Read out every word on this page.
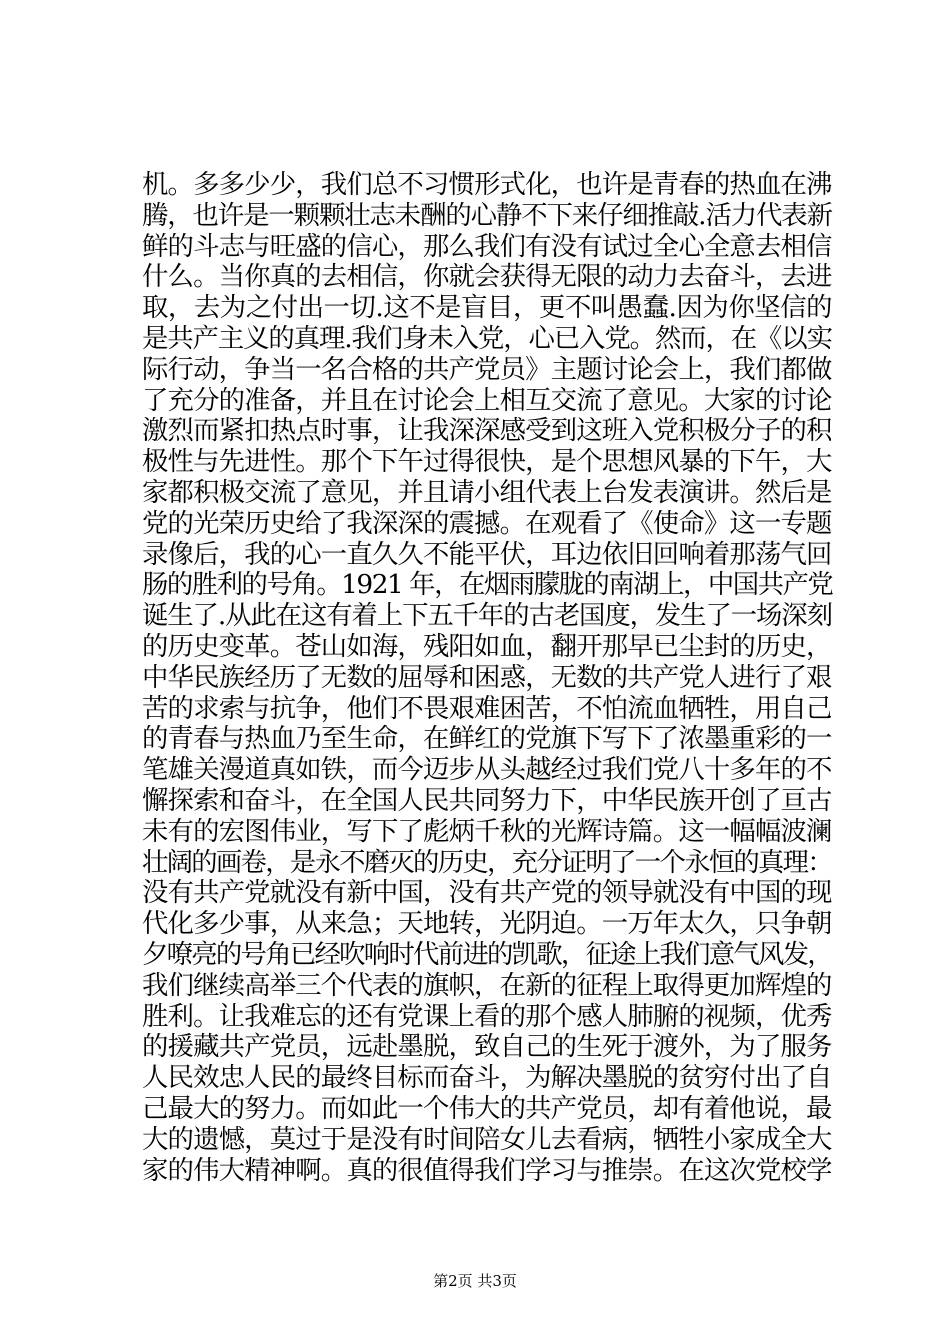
机。多多少少，我们总不习惯形式化，也许是青春的热血在沸
腾，也许是一颗颗壮志未酬的心静不下来仔细推敲.活力代表新
鲜的斗志与旺盛的信心，那么我们有没有试过全心全意去相信
什么。当你真的去相信，你就会获得无限的动力去奋斗，去进
取，去为之付出一切.这不是盲目，更不叫愚蠢.因为你坚信的
是共产主义的真理.我们身未入党，心已入党。然而，在《以实
际行动，争当一名合格的共产党员》主题讨论会上，我们都做
了充分的准备，并且在讨论会上相互交流了意见。大家的讨论
激烈而紧扣热点时事，让我深深感受到这班入党积极分子的积
极性与先进性。那个下午过得很快，是个思想风暴的下午，大
家都积极交流了意见，并且请小组代表上台发表演讲。然后是
党的光荣历史给了我深深的震撼。在观看了《使命》这一专题
录像后，我的心一直久久不能平伏，耳边依旧回响着那荡气回
肠的胜利的号角。1921 年，在烟雨朦胧的南湖上，中国共产党
诞生了.从此在这有着上下五千年的古老国度，发生了一场深刻
的历史变革。苍山如海，残阳如血，翻开那早已尘封的历史，
中华民族经历了无数的屈辱和困惑，无数的共产党人进行了艰
苦的求索与抗争，他们不畏艰难困苦，不怕流血牺牲，用自己
的青春与热血乃至生命，在鲜红的党旗下写下了浓墨重彩的一
笔雄关漫道真如铁，而今迈步从头越经过我们党八十多年的不
懈探索和奋斗，在全国人民共同努力下，中华民族开创了亘古
未有的宏图伟业，写下了彪炳千秋的光辉诗篇。这一幅幅波澜
壮阔的画卷，是永不磨灭的历史，充分证明了一个永恒的真理：
没有共产党就没有新中国，没有共产党的领导就没有中国的现
代化多少事，从来急；天地转，光阴迫。一万年太久，只争朝
夕嘹亮的号角已经吹响时代前进的凯歌，征途上我们意气风发，
我们继续高举三个代表的旗帜，在新的征程上取得更加辉煌的
胜利。让我难忘的还有党课上看的那个感人肺腑的视频，优秀
的援藏共产党员，远赴墨脱，致自己的生死于渡外，为了服务
人民效忠人民的最终目标而奋斗，为解决墨脱的贫穷付出了自
己最大的努力。而如此一个伟大的共产党员，却有着他说，最
大的遗憾，莫过于是没有时间陪女儿去看病，牺牲小家成全大
家的伟大精神啊。真的很值得我们学习与推崇。在这次党校学
第2页 共3页
